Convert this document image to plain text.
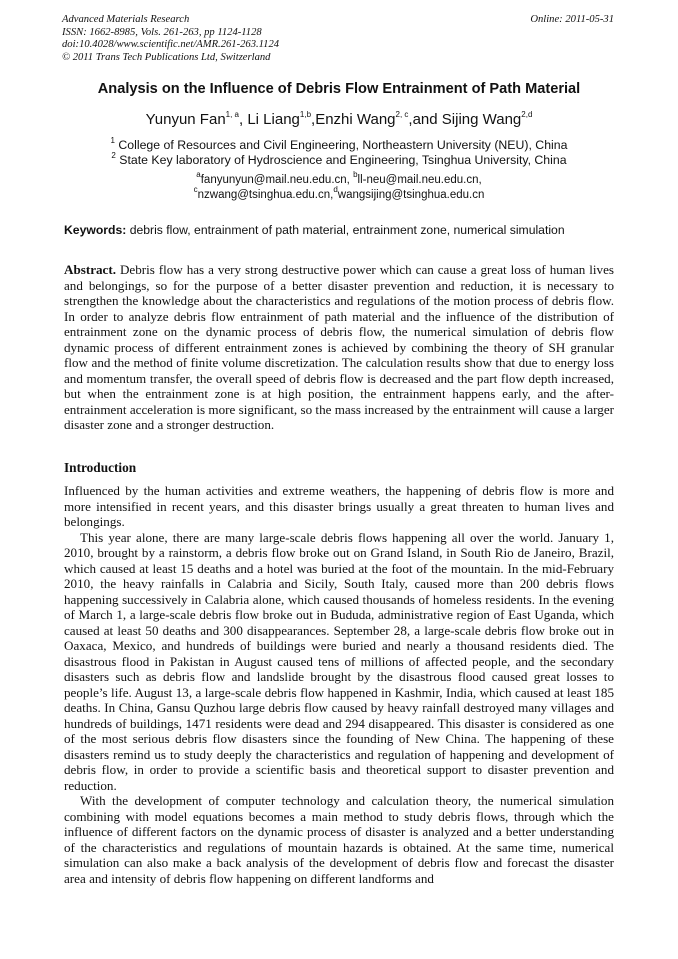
Advanced Materials Research
ISSN: 1662-8985, Vols. 261-263, pp 1124-1128
doi:10.4028/www.scientific.net/AMR.261-263.1124
© 2011 Trans Tech Publications Ltd, Switzerland
Online: 2011-05-31
Analysis on the Influence of Debris Flow Entrainment of Path Material
Yunyun Fan$^{1, a}$, Li Liang$^{1,b}$,Enzhi Wang$^{2, c}$,and Sijing Wang$^{2,d}$
$^1$ College of Resources and Civil Engineering, Northeastern University (NEU), China
$^2$ State Key laboratory of Hydroscience and Engineering, Tsinghua University, China
$^a$fanyunyun@mail.neu.edu.cn, $^b$ll-neu@mail.neu.edu.cn,
$^c$nzwang@tsinghua.edu.cn,$^d$wangsijing@tsinghua.edu.cn
Keywords: debris flow, entrainment of path material, entrainment zone, numerical simulation

Abstract. Debris flow has a very strong destructive power which can cause a great loss of human lives and belongings, so for the purpose of a better disaster prevention and reduction, it is necessary to strengthen the knowledge about the characteristics and regulations of the motion process of debris flow. In order to analyze debris flow entrainment of path material and the influence of the distribution of entrainment zone on the dynamic process of debris flow, the numerical simulation of debris flow dynamic process of different entrainment zones is achieved by combining the theory of SH granular flow and the method of finite volume discretization. The calculation results show that due to energy loss and momentum transfer, the overall speed of debris flow is decreased and the part flow depth increased, but when the entrainment zone is at high position, the entrainment happens early, and the after-entrainment acceleration is more significant, so the mass increased by the entrainment will cause a larger disaster zone and a stronger destruction.

Introduction

Influenced by the human activities and extreme weathers, the happening of debris flow is more and more intensified in recent years, and this disaster brings usually a great threaten to human lives and belongings.

This year alone, there are many large-scale debris flows happening all over the world. January 1, 2010, brought by a rainstorm, a debris flow broke out on Grand Island, in South Rio de Janeiro, Brazil, which caused at least 15 deaths and a hotel was buried at the foot of the mountain. In the mid-February 2010, the heavy rainfalls in Calabria and Sicily, South Italy, caused more than 200 debris flows happening successively in Calabria alone, which caused thousands of homeless residents. In the evening of March 1, a large-scale debris flow broke out in Bududa, administrative region of East Uganda, which caused at least 50 deaths and 300 disappearances. September 28, a large-scale debris flow broke out in Oaxaca, Mexico, and hundreds of buildings were buried and nearly a thousand residents died. The disastrous flood in Pakistan in August caused tens of millions of affected people, and the secondary disasters such as debris flow and landslide brought by the disastrous flood caused great losses to people’s life. August 13, a large-scale debris flow happened in Kashmir, India, which caused at least 185 deaths. In China, Gansu Quzhou large debris flow caused by heavy rainfall destroyed many villages and hundreds of buildings, 1471 residents were dead and 294 disappeared. This disaster is considered as one of the most serious debris flow disasters since the founding of New China. The happening of these disasters remind us to study deeply the characteristics and regulation of happening and development of debris flow, in order to provide a scientific basis and theoretical support to disaster prevention and reduction.

With the development of computer technology and calculation theory, the numerical simulation combining with model equations becomes a main method to study debris flows, through which the influence of different factors on the dynamic process of disaster is analyzed and a better understanding of the characteristics and regulations of mountain hazards is obtained. At the same time, numerical simulation can also make a back analysis of the development of debris flow and forecast the disaster area and intensity of debris flow happening on different landforms and
